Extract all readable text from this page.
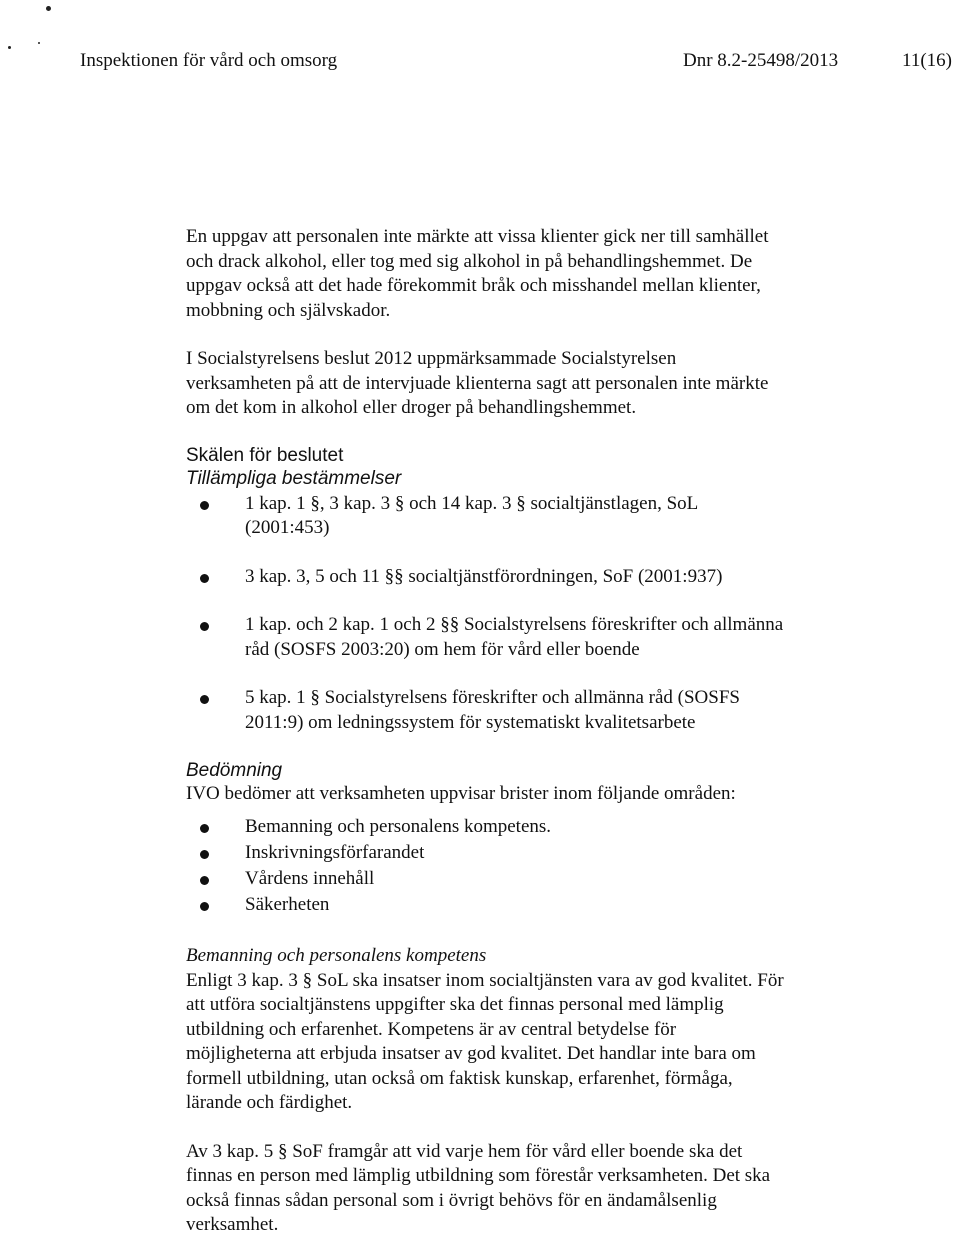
Inspektionen för vård och omsorg	Dnr 8.2-25498/2013	11(16)

En uppgav att personalen inte märkte att vissa klienter gick ner till samhället och drack alkohol, eller tog med sig alkohol in på behandlingshemmet. De uppgav också att det hade förekommit bråk och misshandel mellan klienter, mobbning och självskador.

I Socialstyrelsens beslut 2012 uppmärksammade Socialstyrelsen verksamheten på att de intervjuade klienterna sagt att personalen inte märkte om det kom in alkohol eller droger på behandlingshemmet.

Skälen för beslutet
Tillämpliga bestämmelser
1 kap. 1 §, 3 kap. 3 § och 14 kap. 3 § socialtjänstlagen, SoL (2001:453)
3 kap. 3, 5 och 11 §§ socialtjänstförordningen, SoF (2001:937)
1 kap. och 2 kap. 1 och 2 §§ Socialstyrelsens föreskrifter och allmänna råd (SOSFS 2003:20) om hem för vård eller boende
5 kap. 1 § Socialstyrelsens föreskrifter och allmänna råd (SOSFS 2011:9) om ledningssystem för systematiskt kvalitetsarbete
Bedömning

IVO bedömer att verksamheten uppvisar brister inom följande områden:

Bemanning och personalens kompetens.
Inskrivningsförfarandet
Vårdens innehåll
Säkerheten
Bemanning och personalens kompetens

Enligt 3 kap. 3 § SoL ska insatser inom socialtjänsten vara av god kvalitet. För att utföra socialtjänstens uppgifter ska det finnas personal med lämplig utbildning och erfarenhet. Kompetens är av central betydelse för möjligheterna att erbjuda insatser av god kvalitet. Det handlar inte bara om formell utbildning, utan också om faktisk kunskap, erfarenhet, förmåga, lärande och färdighet.

Av 3 kap. 5 § SoF framgår att vid varje hem för vård eller boende ska det finnas en person med lämplig utbildning som förestår verksamheten. Det ska också finnas sådan personal som i övrigt behövs för en ändamålsenlig verksamhet.
